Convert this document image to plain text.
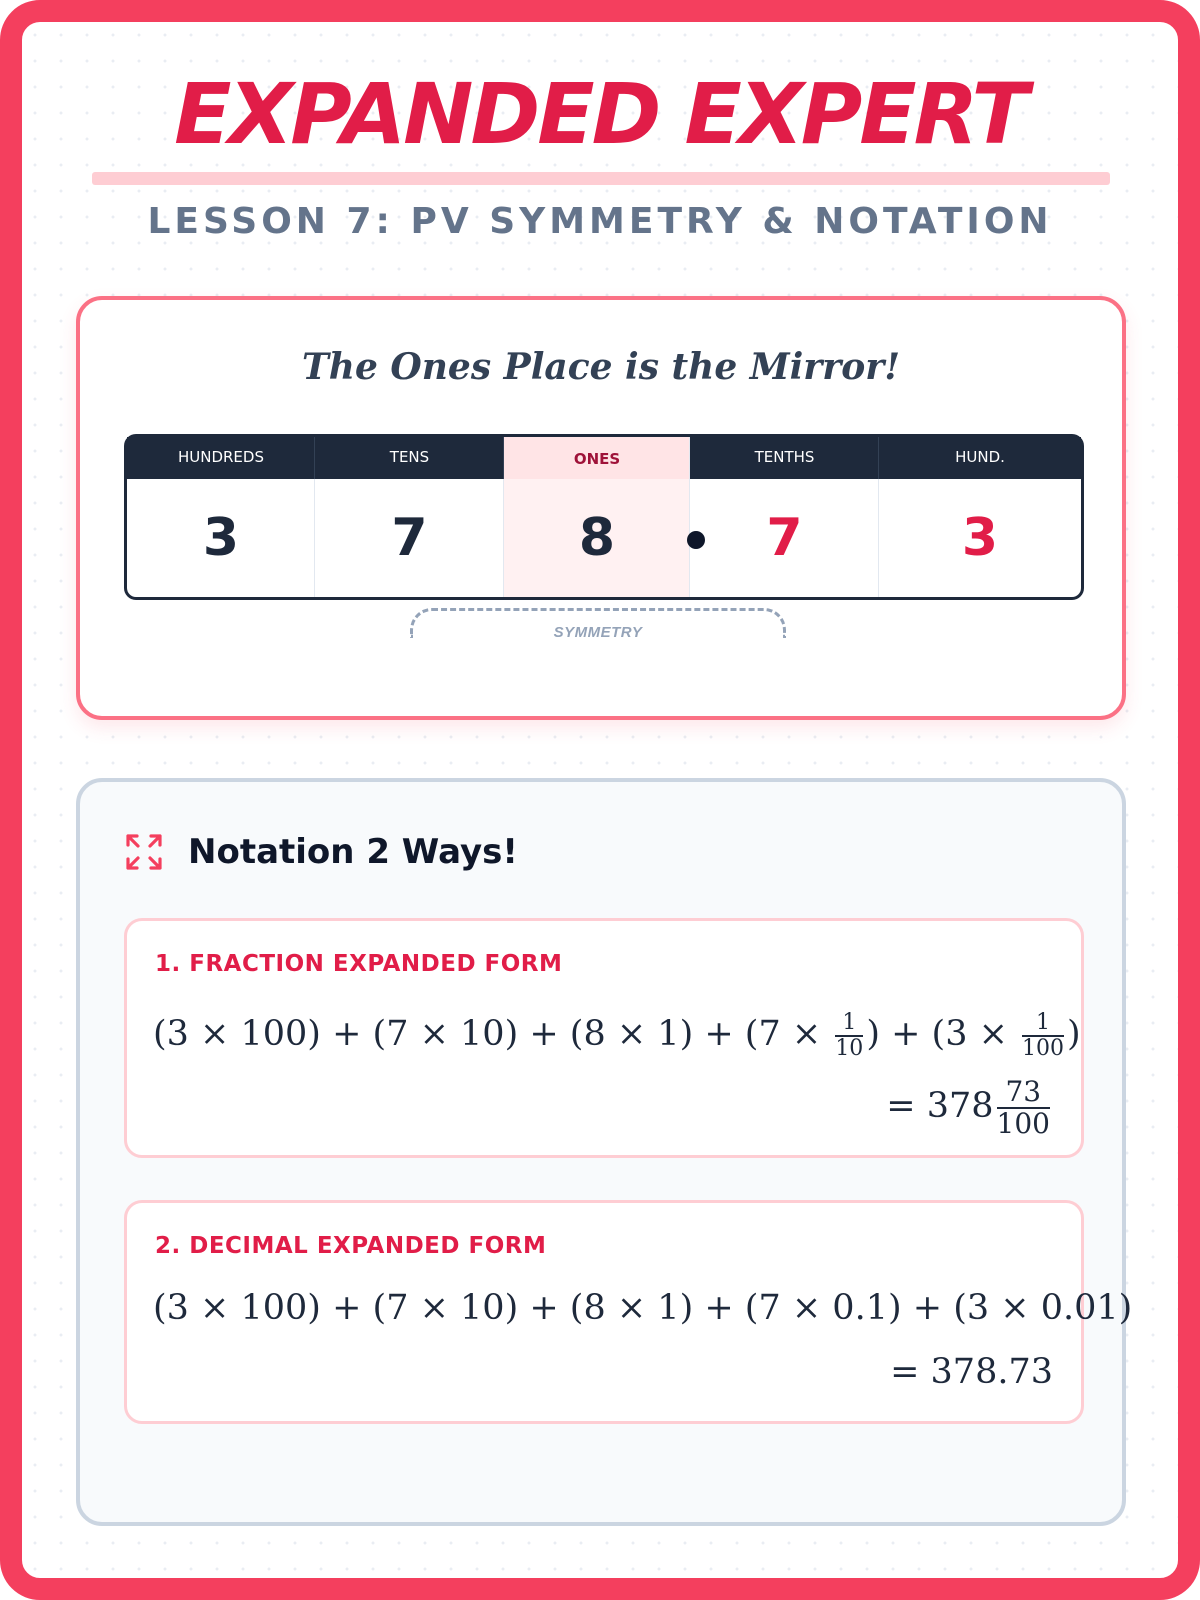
EXPANDED EXPERT
LESSON 7: PV SYMMETRY & NOTATION
The Ones Place is the Mirror!
HUNDREDS
3
TENS
7
ONES
8
TENTHS
7
HUND.
3
SYMMETRY
Notation 2 Ways!
1. FRACTION EXPANDED FORM
$(3 \times 100) + (7 \times 10) + (8 \times 1) + (7 \times \frac{1}{10}$ ) + ($3 \times \frac{1}{100}$ )
= $378 \frac{73}{100}$
2. DECIMAL EXPANDED FORM
(3 × 100) + (7 × 10) + (8 × 1) + (7 × 0.1) + (3 × 0.01)
= 378.73
